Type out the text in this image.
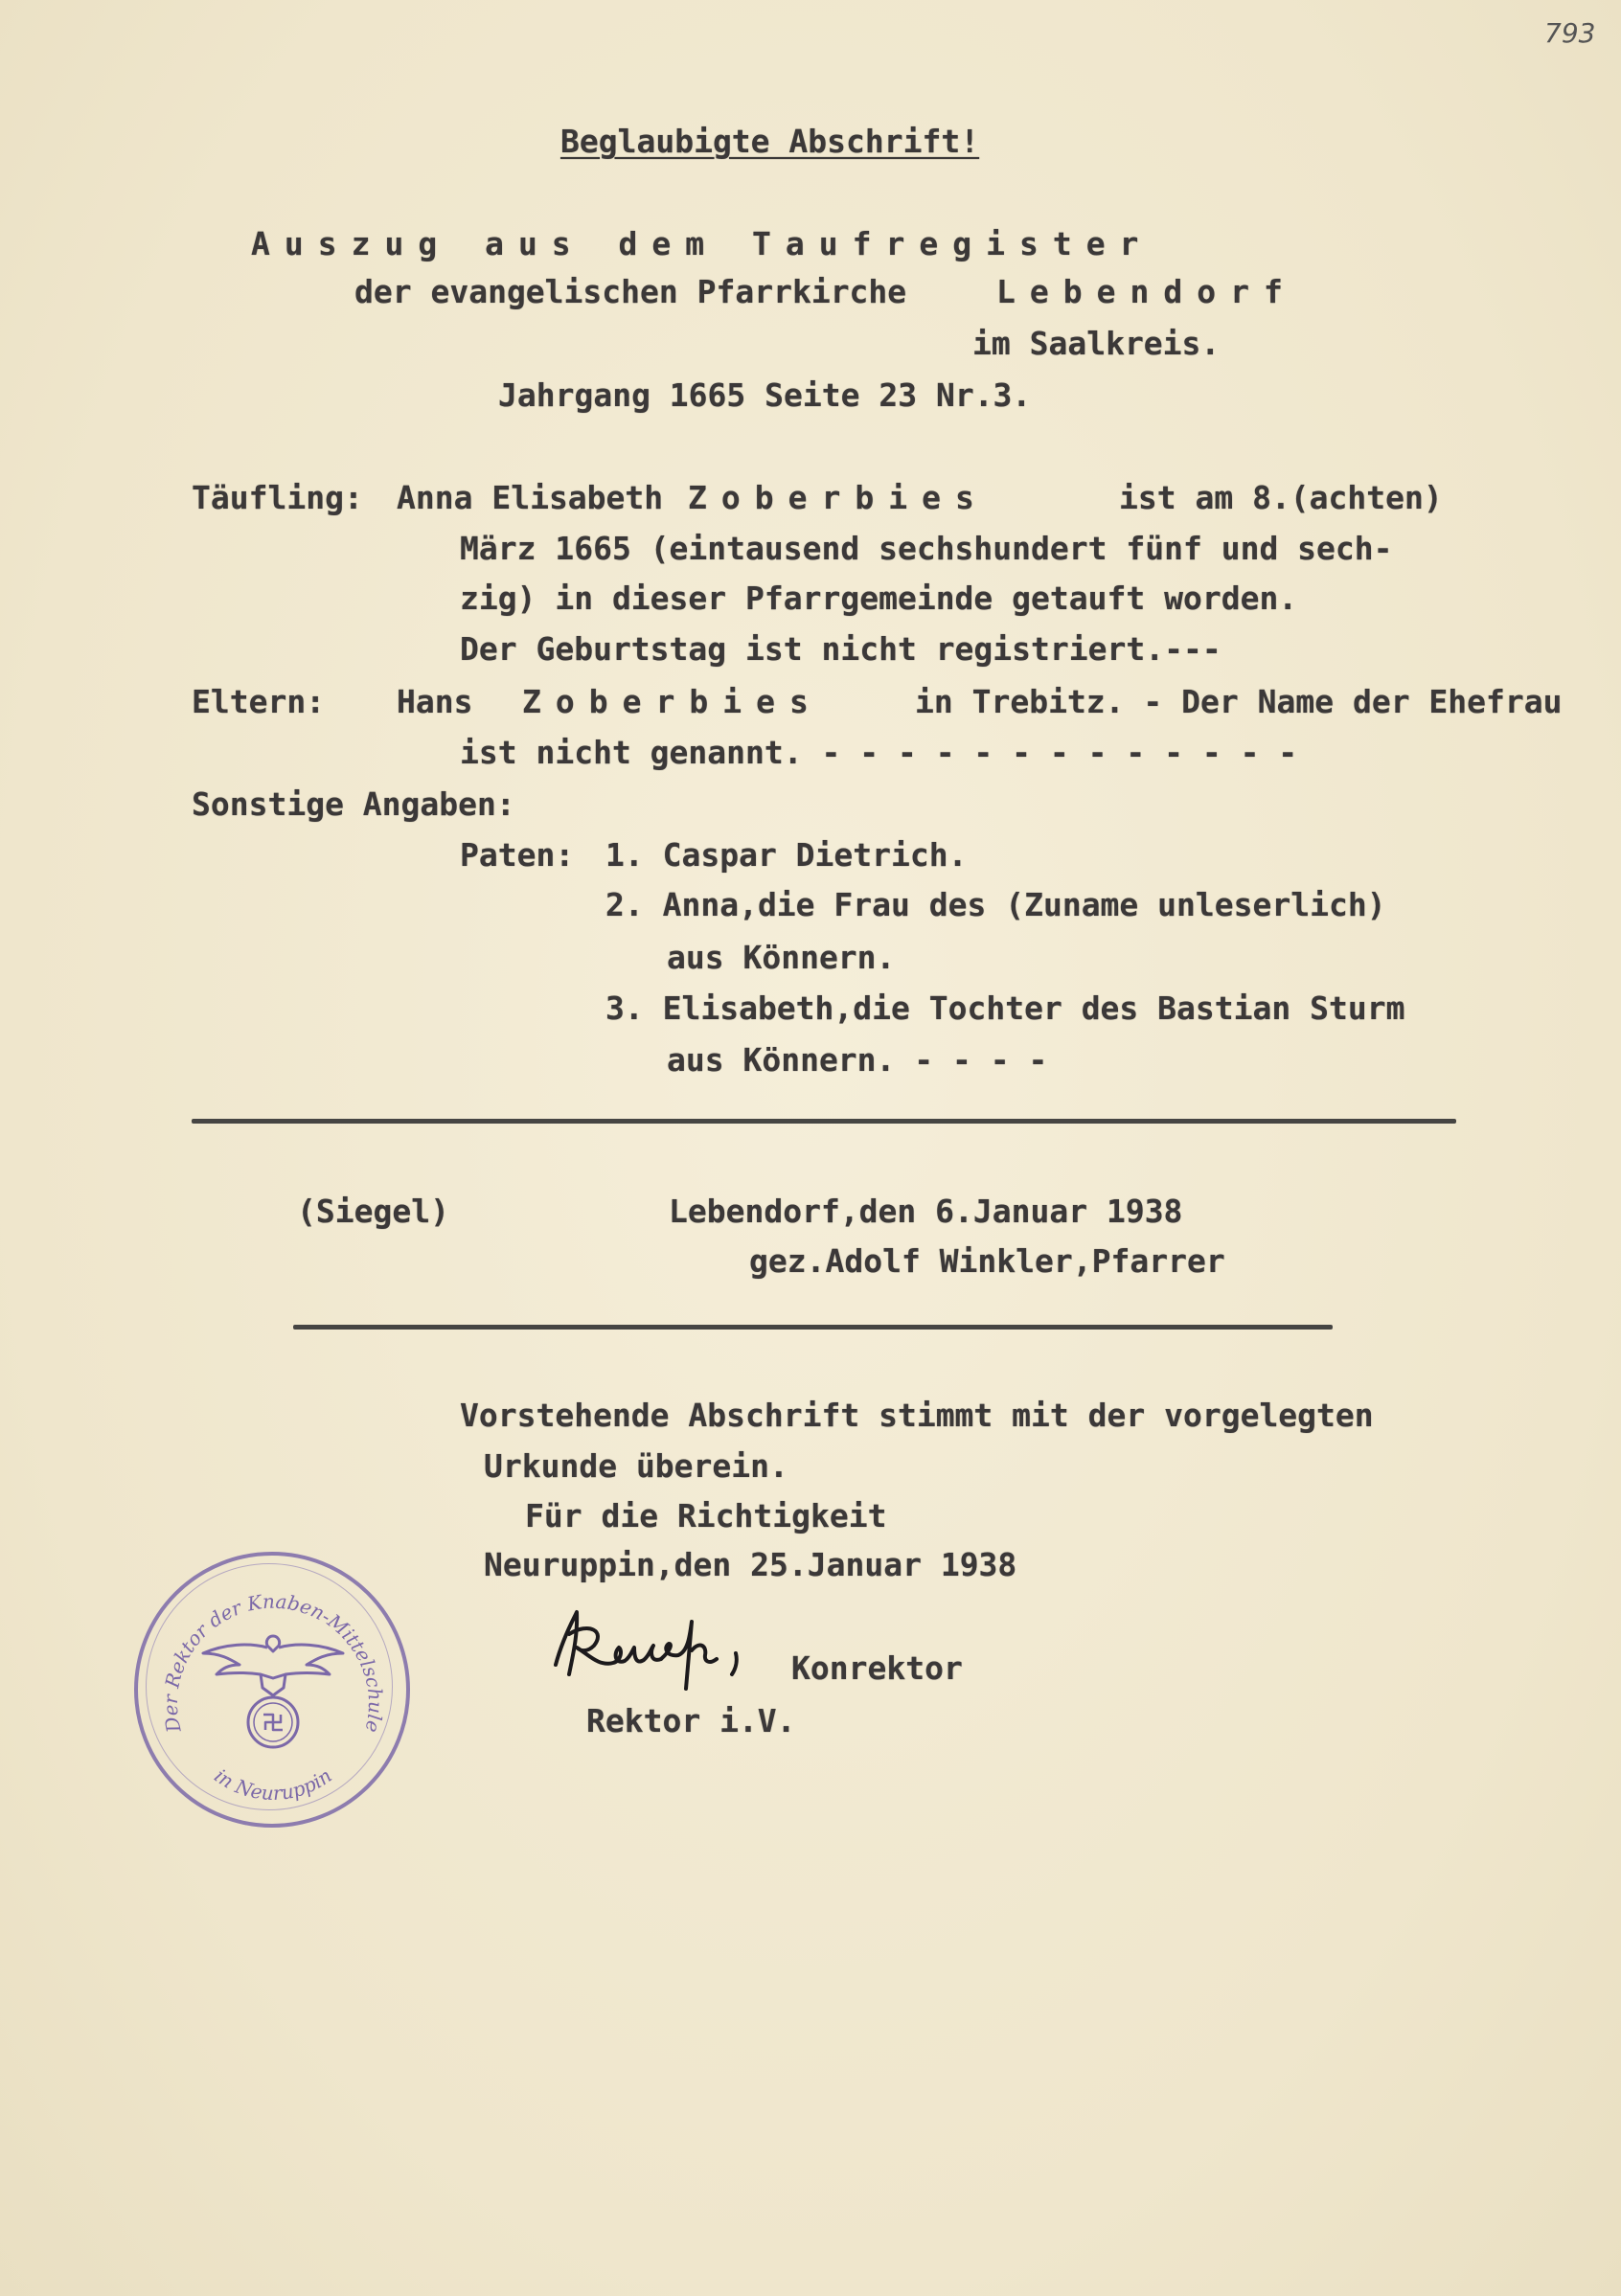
793
Beglaubigte Abschrift!
Auszug aus dem Taufregister
der evangelischen Pfarrkirche	Lebendorf
im Saalkreis.
Jahrgang 1665 Seite 23 Nr.3.
Täufling: Anna Elisabeth Zoberbies	ist am 8.(achten)
März 1665 (eintausend sechshundert fünf und sech-
zig) in dieser Pfarrgemeinde getauft worden.
Der Geburtstag ist nicht registriert.---
Eltern: Hans Zoberbies	in Trebitz. - Der Name der Ehefrau
ist nicht genannt. - - - - - - - - - - - - -
Sonstige Angaben:
Paten: 1. Caspar Dietrich.
2. Anna,die Frau des (Zuname unleserlich)
aus Könnern.
3. Elisabeth,die Tochter des Bastian Sturm
aus Könnern. - - - -
(Siegel)	Lebendorf,den 6.Januar 1938
gez.Adolf Winkler,Pfarrer
Vorstehende Abschrift stimmt mit der vorgelegten
Urkunde überein.
Für die Richtigkeit
Neuruppin,den 25.Januar 1938
Konrektor
Rektor i.V.
Der Rektor der Knaben-Mittelschule
in Neuruppin
